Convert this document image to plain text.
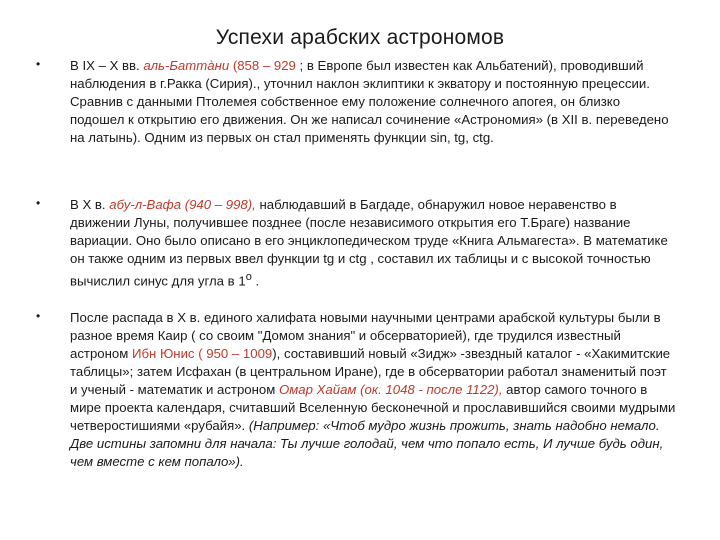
Успехи арабских астрономов
• В IX – X вв. аль-Баттàни (858 – 929 ; в Европе был известен как Альбатений), проводивший наблюдения в г.Ракка (Сирия)., уточнил наклон эклиптики к экватору и постоянную прецессии. Сравнив с данными Птолемея собственное ему положение солнечного апогея, он близко подошел к открытию его движения. Он же написал сочинение «Астрономия» (в XII в. переведено на латынь). Одним из первых он стал применять функции sin, tg, ctg.

• В X в. абу-л-Вафа (940 – 998), наблюдавший в Багдаде, обнаружил новое неравенство в движении Луны, получившее позднее (после независимого открытия его Т.Браге) название вариации. Оно было описано в его энциклопедическом труде «Книга Альмагеста». В математике он также одним из первых ввел функции tg и ctg , составил их таблицы и с высокой точностью вычислил синус для угла в $1^о$ .

• После распада в X в. единого халифата новыми научными центрами арабской культуры были в разное время Каир ( со своим "Домом знания" и обсерваторией), где трудился известный астроном Ибн Юнис ( 950 – 1009), составивший новый «Зидж» -звездный каталог - «Хакимитские таблицы»; затем Исфахан (в центральном Иране), где в обсерватории работал знаменитый поэт и ученый - математик и астроном Омар Хайам (ок. 1048 - после 1122), автор самого точного в мире проекта календаря, считавший Вселенную бесконечной и прославившийся своими мудрыми четверостишиями «рубайя». (Например: «Чтоб мудро жизнь прожить, знать надобно немало. Две истины запомни для начала: Ты лучше голодай, чем что попало есть, И лучше будь один, чем вместе с кем попало»).
